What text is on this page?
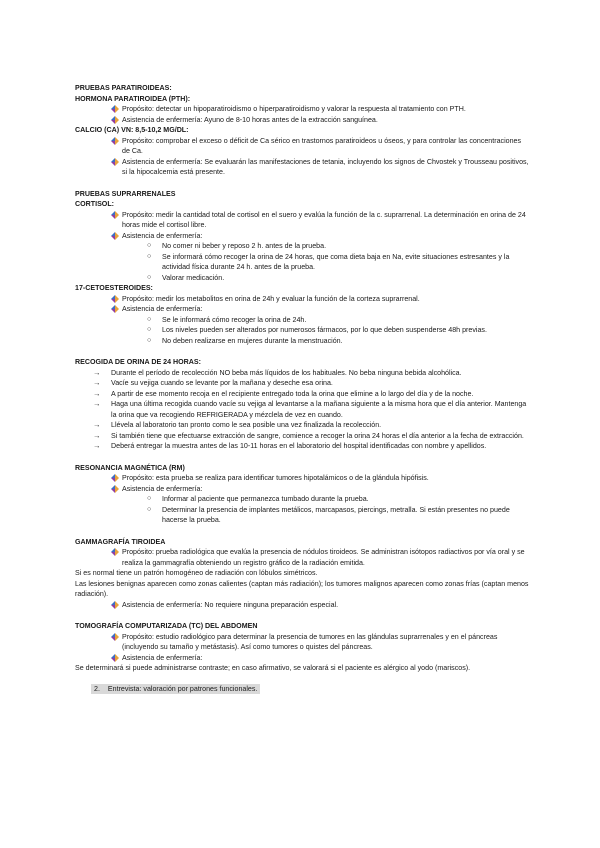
PRUEBAS PARATIROIDEAS:

HORMONA PARATIROIDEA (PTH):

Propósito: detectar un hipoparatiroidismo o hiperparatiroidismo y valorar la respuesta al tratamiento con PTH.
Asistencia de enfermería: Ayuno de 8-10 horas antes de la extracción sanguínea.

CALCIO (CA) VN: 8,5-10,2 MG/DL:

Propósito: comprobar el exceso o déficit de Ca sérico en trastornos paratiroideos u óseos, y para controlar las concentraciones de Ca.
Asistencia de enfermería: Se evaluarán las manifestaciones de tetania, incluyendo los signos de Chvostek y Trousseau positivos, si la hipocalcemia está presente.

PRUEBAS SUPRARRENALES

CORTISOL:

Propósito: medir la cantidad total de cortisol en el suero y evalúa la función de la c. suprarrenal. La determinación en orina de 24 horas mide el cortisol libre.
Asistencia de enfermería:
○ No comer ni beber y reposo 2 h. antes de la prueba.
○ Se informará cómo recoger la orina de 24 horas, que coma dieta baja en Na, evite situaciones estresantes y la actividad física durante 24 h. antes de la prueba.
○ Valorar medicación.

17-CETOESTEROIDES:

Propósito: medir los metabolitos en orina de 24h y evaluar la función de la corteza suprarrenal.
Asistencia de enfermería:
○ Se le informará cómo recoger la orina de 24h.
○ Los niveles pueden ser alterados por numerosos fármacos, por lo que deben suspenderse 48h previas.
○ No deben realizarse en mujeres durante la menstruación.

RECOGIDA DE ORINA DE 24 HORAS:

→ Durante el período de recolección NO beba más líquidos de los habituales. No beba ninguna bebida alcohólica.
→ Vacíe su vejiga cuando se levante por la mañana y deseche esa orina.
→ A partir de ese momento recoja en el recipiente entregado toda la orina que elimine a lo largo del día y de la noche.
→ Haga una última recogida cuando vacíe su vejiga al levantarse a la mañana siguiente a la misma hora que el día anterior. Mantenga la orina que va recogiendo REFRIGERADA y mézclela de vez en cuando.
→ Llévela al laboratorio tan pronto como le sea posible una vez finalizada la recolección.
→ Si también tiene que efectuarse extracción de sangre, comience a recoger la orina 24 horas el día anterior a la fecha de extracción.
→ Deberá entregar la muestra antes de las 10-11 horas en el laboratorio del hospital identificadas con nombre y apellidos.

RESONANCIA MAGNÉTICA (RM)

Propósito: esta prueba se realiza para identificar tumores hipotalámicos o de la glándula hipófisis.
Asistencia de enfermería:
○ Informar al paciente que permanezca tumbado durante la prueba.
○ Determinar la presencia de implantes metálicos, marcapasos, piercings, metralla. Si están presentes no puede hacerse la prueba.

GAMMAGRAFÍA TIROIDEA

Propósito: prueba radiológica que evalúa la presencia de nódulos tiroideos. Se administran isótopos radiactivos por vía oral y se realiza la gammagrafía obteniendo un registro gráfico de la radiación emitida.
Si es normal tiene un patrón homogéneo de radiación con lóbulos simétricos.
Las lesiones benignas aparecen como zonas calientes (captan más radiación); los tumores malignos aparecen como zonas frías (captan menos radiación).
Asistencia de enfermería: No requiere ninguna preparación especial.

TOMOGRAFÍA COMPUTARIZADA (TC) DEL ABDOMEN

Propósito: estudio radiológico para determinar la presencia de tumores en las glándulas suprarrenales y en el páncreas (incluyendo su tamaño y metástasis). Así como tumores o quistes del páncreas.
Asistencia de enfermería:
Se determinará si puede administrarse contraste; en caso afirmativo, se valorará si el paciente es alérgico al yodo (mariscos).
2. Entrevista: valoración por patrones funcionales.
